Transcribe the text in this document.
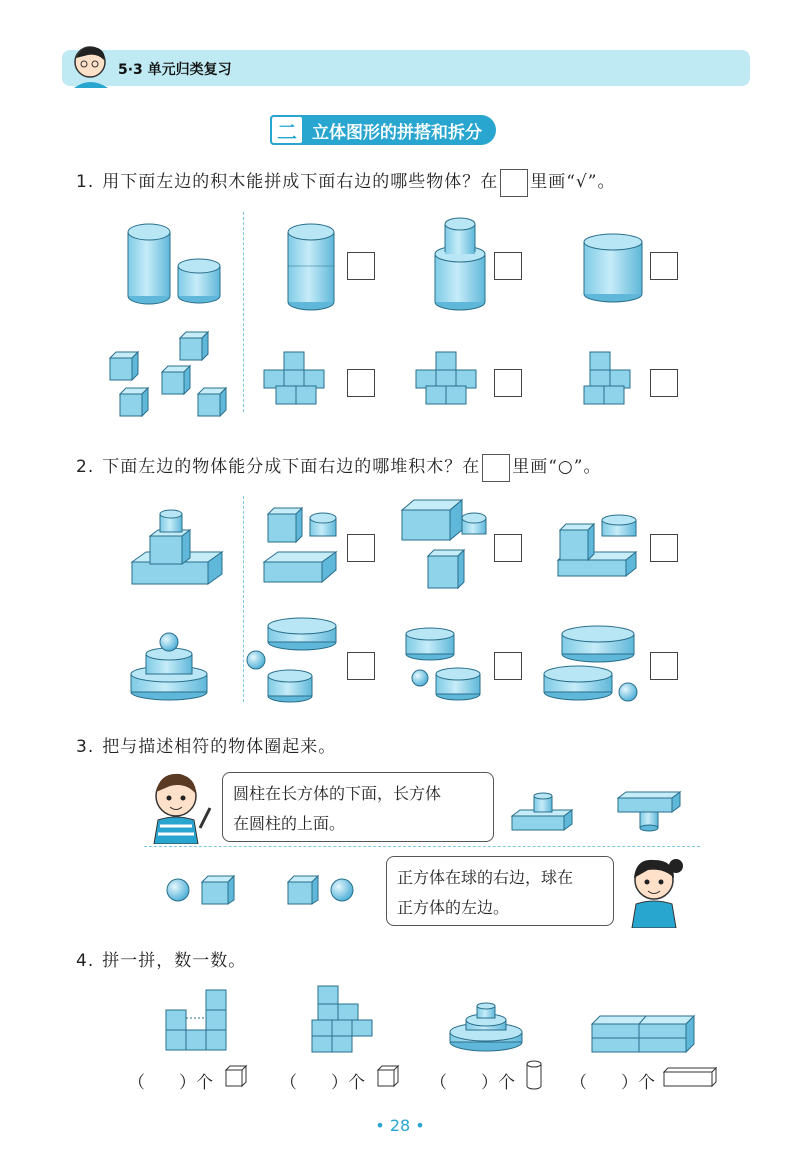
5·3 单元归类复习
二 立体图形的拼搭和拆分
1. 用下面左边的积木能拼成下面右边的哪些物体？在 里画“√”。
2. 下面左边的物体能分成下面右边的哪堆积木？在 里画“○”。
3. 把与描述相符的物体圈起来。
圆柱在长方体的下面，长方体
在圆柱的上面。
正方体在球的右边，球在
正方体的左边。
4. 拼一拼，数一数。
（　　）个	（　　）个	（　　）个	（　　）个
• 28 •
